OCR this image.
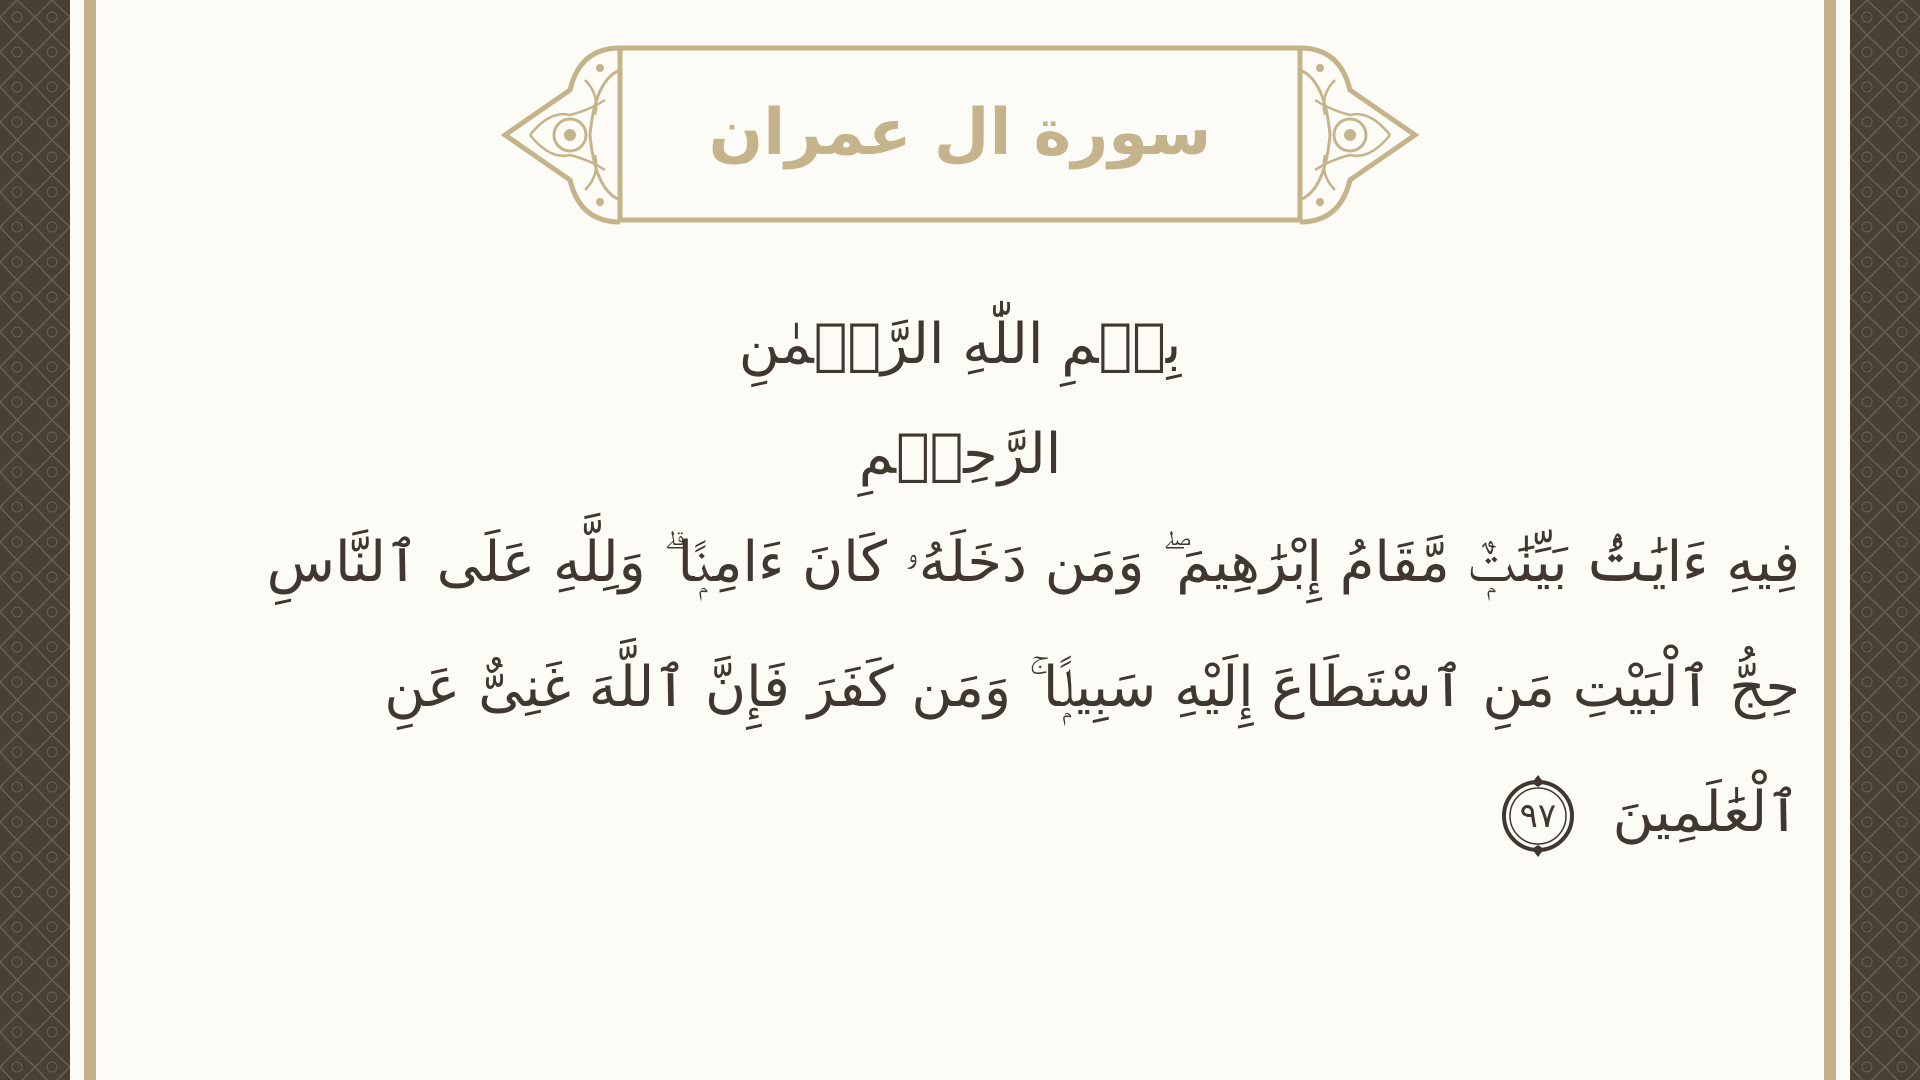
سورة ال عمران
بِسۡمِ اللّٰهِ الرَّحۡمٰنِ الرَّحِيۡمِ
فِيهِ ءَايَٰتُۢ بَيِّنَٰتٌۭ مَّقَامُ إِبْرَٰهِيمَ ۖ وَمَن دَخَلَهُۥ كَانَ ءَامِنًۭا ۗ وَلِلَّهِ عَلَى ٱلنَّاسِ حِجُّ ٱلْبَيْتِ مَنِ ٱسْتَطَاعَ إِلَيْهِ سَبِيلًۭا ۚ وَمَن كَفَرَ فَإِنَّ ٱللَّهَ غَنِىٌّ عَنِ ٱلْعَٰلَمِينَ
٩٧
